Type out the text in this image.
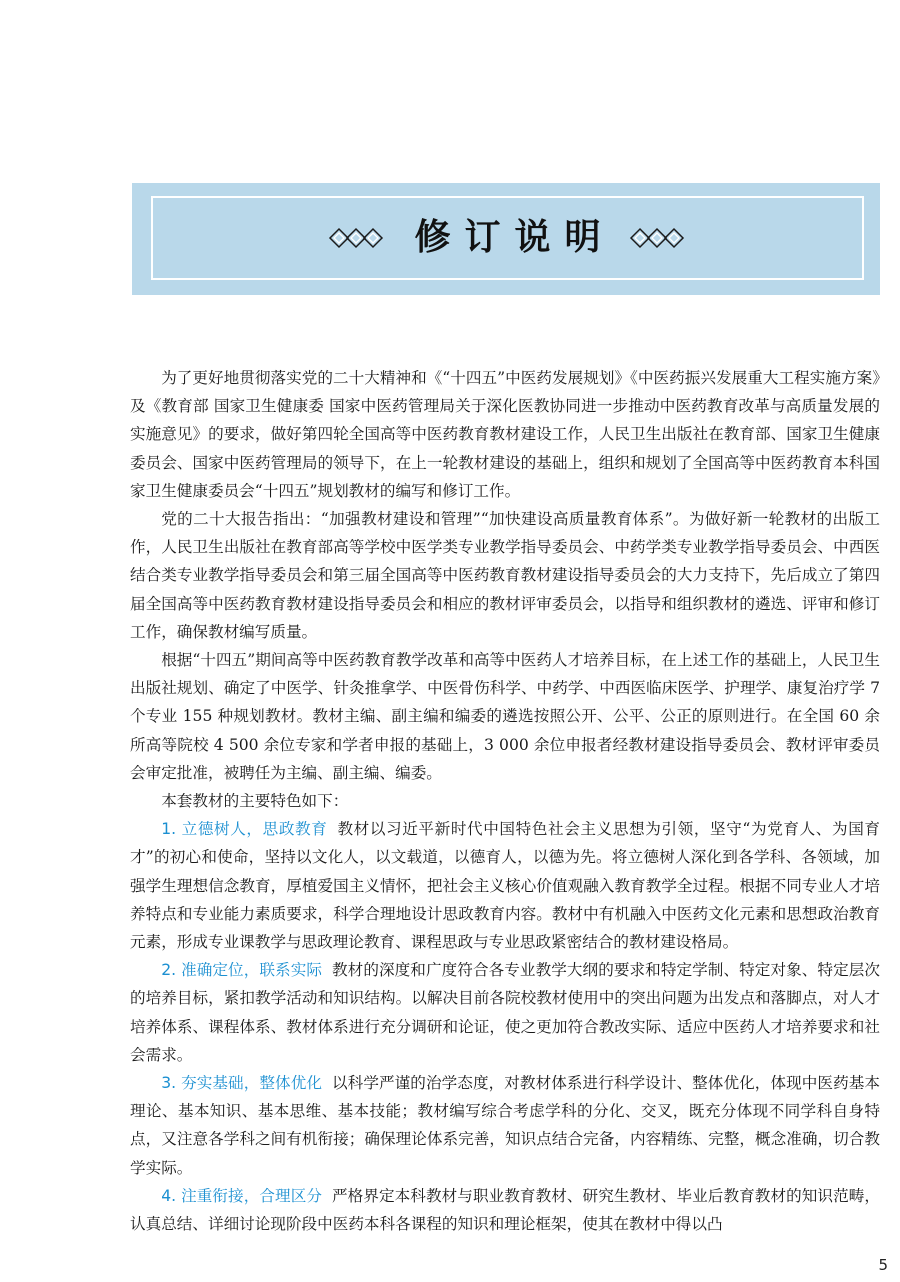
修订说明

为了更好地贯彻落实党的二十大精神和《“十四五”中医药发展规划》《中医药振兴发展重大工程实施方案》及《教育部 国家卫生健康委 国家中医药管理局关于深化医教协同进一步推动中医药教育改革与高质量发展的实施意见》的要求，做好第四轮全国高等中医药教育教材建设工作，人民卫生出版社在教育部、国家卫生健康委员会、国家中医药管理局的领导下，在上一轮教材建设的基础上，组织和规划了全国高等中医药教育本科国家卫生健康委员会“十四五”规划教材的编写和修订工作。

党的二十大报告指出：“加强教材建设和管理”“加快建设高质量教育体系”。为做好新一轮教材的出版工作，人民卫生出版社在教育部高等学校中医学类专业教学指导委员会、中药学类专业教学指导委员会、中西医结合类专业教学指导委员会和第三届全国高等中医药教育教材建设指导委员会的大力支持下，先后成立了第四届全国高等中医药教育教材建设指导委员会和相应的教材评审委员会，以指导和组织教材的遴选、评审和修订工作，确保教材编写质量。

根据“十四五”期间高等中医药教育教学改革和高等中医药人才培养目标，在上述工作的基础上，人民卫生出版社规划、确定了中医学、针灸推拿学、中医骨伤科学、中药学、中西医临床医学、护理学、康复治疗学 7 个专业 155 种规划教材。教材主编、副主编和编委的遴选按照公开、公平、公正的原则进行。在全国 60 余所高等院校 4 500 余位专家和学者申报的基础上，3 000 余位申报者经教材建设指导委员会、教材评审委员会审定批准，被聘任为主编、副主编、编委。

本套教材的主要特色如下：

1. 立德树人，思政教育 教材以习近平新时代中国特色社会主义思想为引领，坚守“为党育人、为国育才”的初心和使命，坚持以文化人，以文载道，以德育人，以德为先。将立德树人深化到各学科、各领域，加强学生理想信念教育，厚植爱国主义情怀，把社会主义核心价值观融入教育教学全过程。根据不同专业人才培养特点和专业能力素质要求，科学合理地设计思政教育内容。教材中有机融入中医药文化元素和思想政治教育元素，形成专业课教学与思政理论教育、课程思政与专业思政紧密结合的教材建设格局。

2. 准确定位，联系实际 教材的深度和广度符合各专业教学大纲的要求和特定学制、特定对象、特定层次的培养目标，紧扣教学活动和知识结构。以解决目前各院校教材使用中的突出问题为出发点和落脚点，对人才培养体系、课程体系、教材体系进行充分调研和论证，使之更加符合教改实际、适应中医药人才培养要求和社会需求。

3. 夯实基础，整体优化 以科学严谨的治学态度，对教材体系进行科学设计、整体优化，体现中医药基本理论、基本知识、基本思维、基本技能；教材编写综合考虑学科的分化、交叉，既充分体现不同学科自身特点，又注意各学科之间有机衔接；确保理论体系完善，知识点结合完备，内容精练、完整，概念准确，切合教学实际。

4. 注重衔接，合理区分 严格界定本科教材与职业教育教材、研究生教材、毕业后教育教材的知识范畴，认真总结、详细讨论现阶段中医药本科各课程的知识和理论框架，使其在教材中得以凸

5
